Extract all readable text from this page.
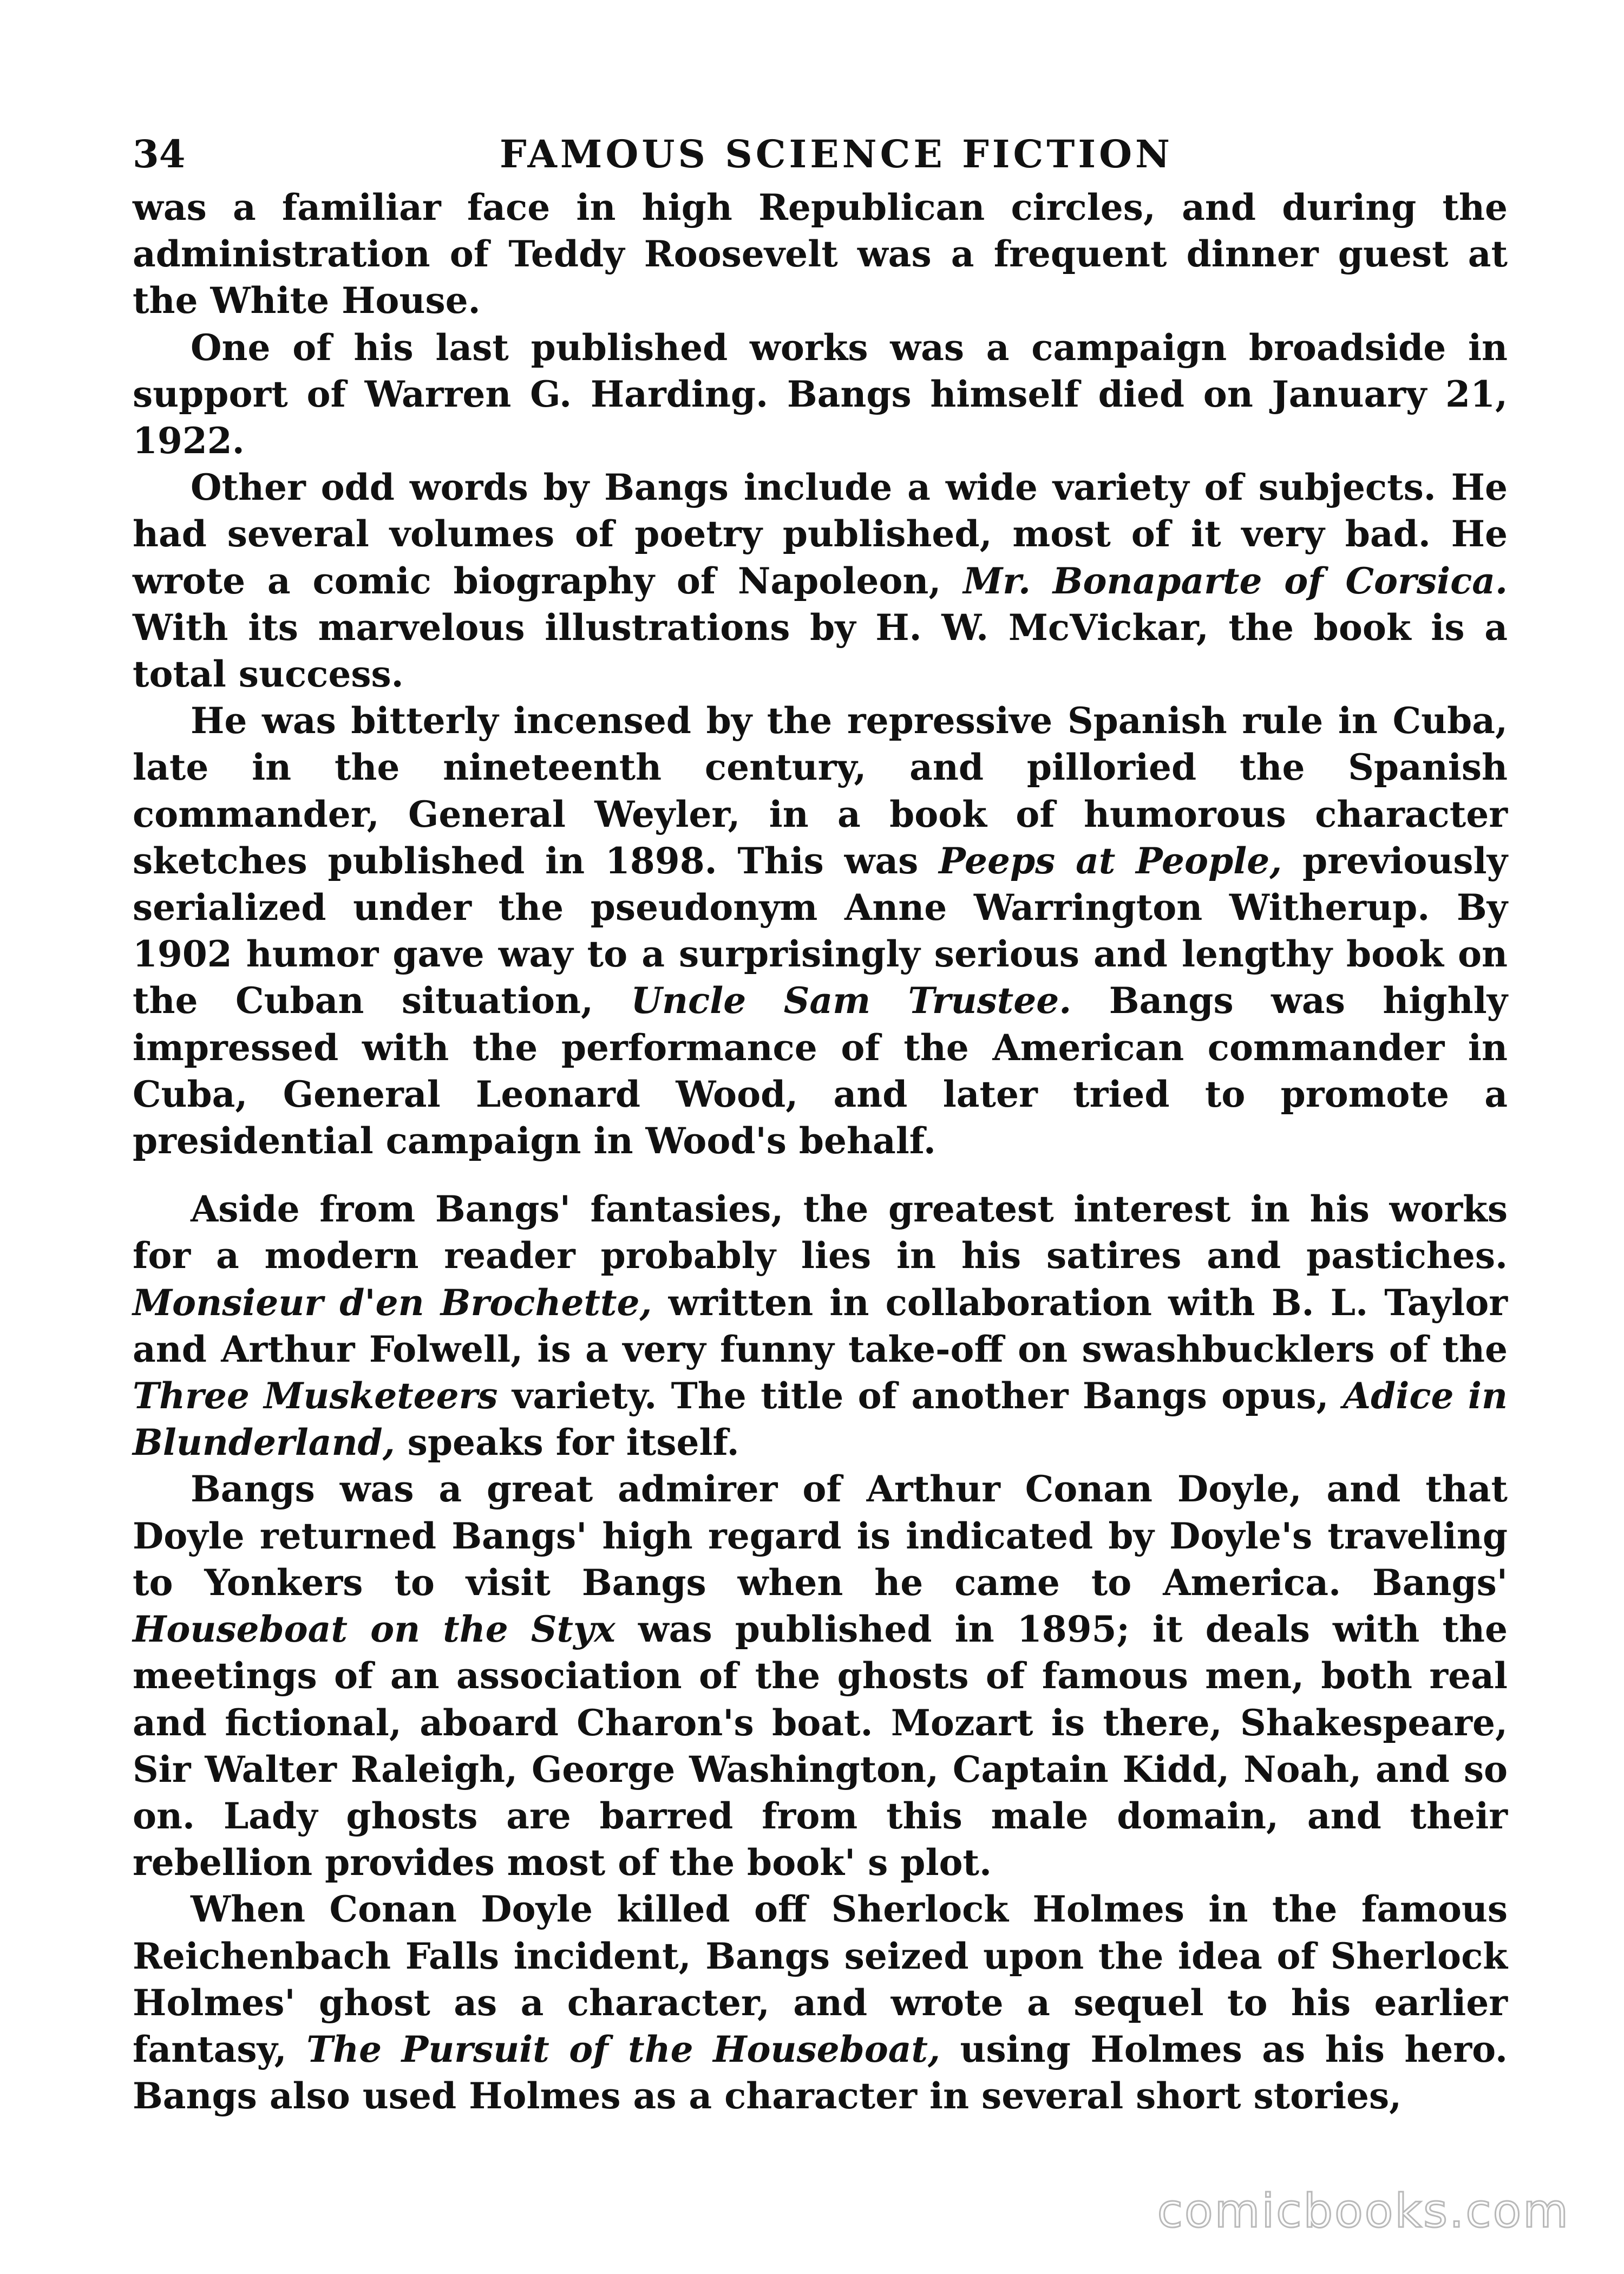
34	FAMOUS SCIENCE FICTION

was a familiar face in high Republican circles, and during the administration of Teddy Roosevelt was a frequent dinner guest at the White House.

One of his last published works was a campaign broadside in support of Warren G. Harding. Bangs himself died on January 21, 1922.

Other odd words by Bangs include a wide variety of subjects. He had several volumes of poetry published, most of it very bad. He wrote a comic biography of Napoleon, Mr. Bonaparte of Corsica. With its marvelous illustrations by H. W. McVickar, the book is a total success.

He was bitterly incensed by the repressive Spanish rule in Cuba, late in the nineteenth century, and pilloried the Spanish commander, General Weyler, in a book of humorous character sketches published in 1898. This was Peeps at People, previously serialized under the pseudonym Anne Warrington Witherup. By 1902 humor gave way to a surprisingly serious and lengthy book on the Cuban situation, Uncle Sam Trustee. Bangs was highly impressed with the performance of the American commander in Cuba, General Leonard Wood, and later tried to promote a presidential campaign in Wood's behalf.

Aside from Bangs' fantasies, the greatest interest in his works for a modern reader probably lies in his satires and pastiches. Monsieur d'en Brochette, written in collaboration with B. L. Taylor and Arthur Folwell, is a very funny take-off on swashbucklers of the Three Musketeers variety. The title of another Bangs opus, Adice in Blunderland, speaks for itself.

Bangs was a great admirer of Arthur Conan Doyle, and that Doyle returned Bangs' high regard is indicated by Doyle's traveling to Yonkers to visit Bangs when he came to America. Bangs' Houseboat on the Styx was published in 1895; it deals with the meetings of an association of the ghosts of famous men, both real and fictional, aboard Charon's boat. Mozart is there, Shakespeare, Sir Walter Raleigh, George Washington, Captain Kidd, Noah, and so on. Lady ghosts are barred from this male domain, and their rebellion provides most of the book' s plot.

When Conan Doyle killed off Sherlock Holmes in the famous Reichenbach Falls incident, Bangs seized upon the idea of Sherlock Holmes' ghost as a character, and wrote a sequel to his earlier fantasy, The Pursuit of the Houseboat, using Holmes as his hero. Bangs also used Holmes as a character in several short stories,

comicbooks.com
